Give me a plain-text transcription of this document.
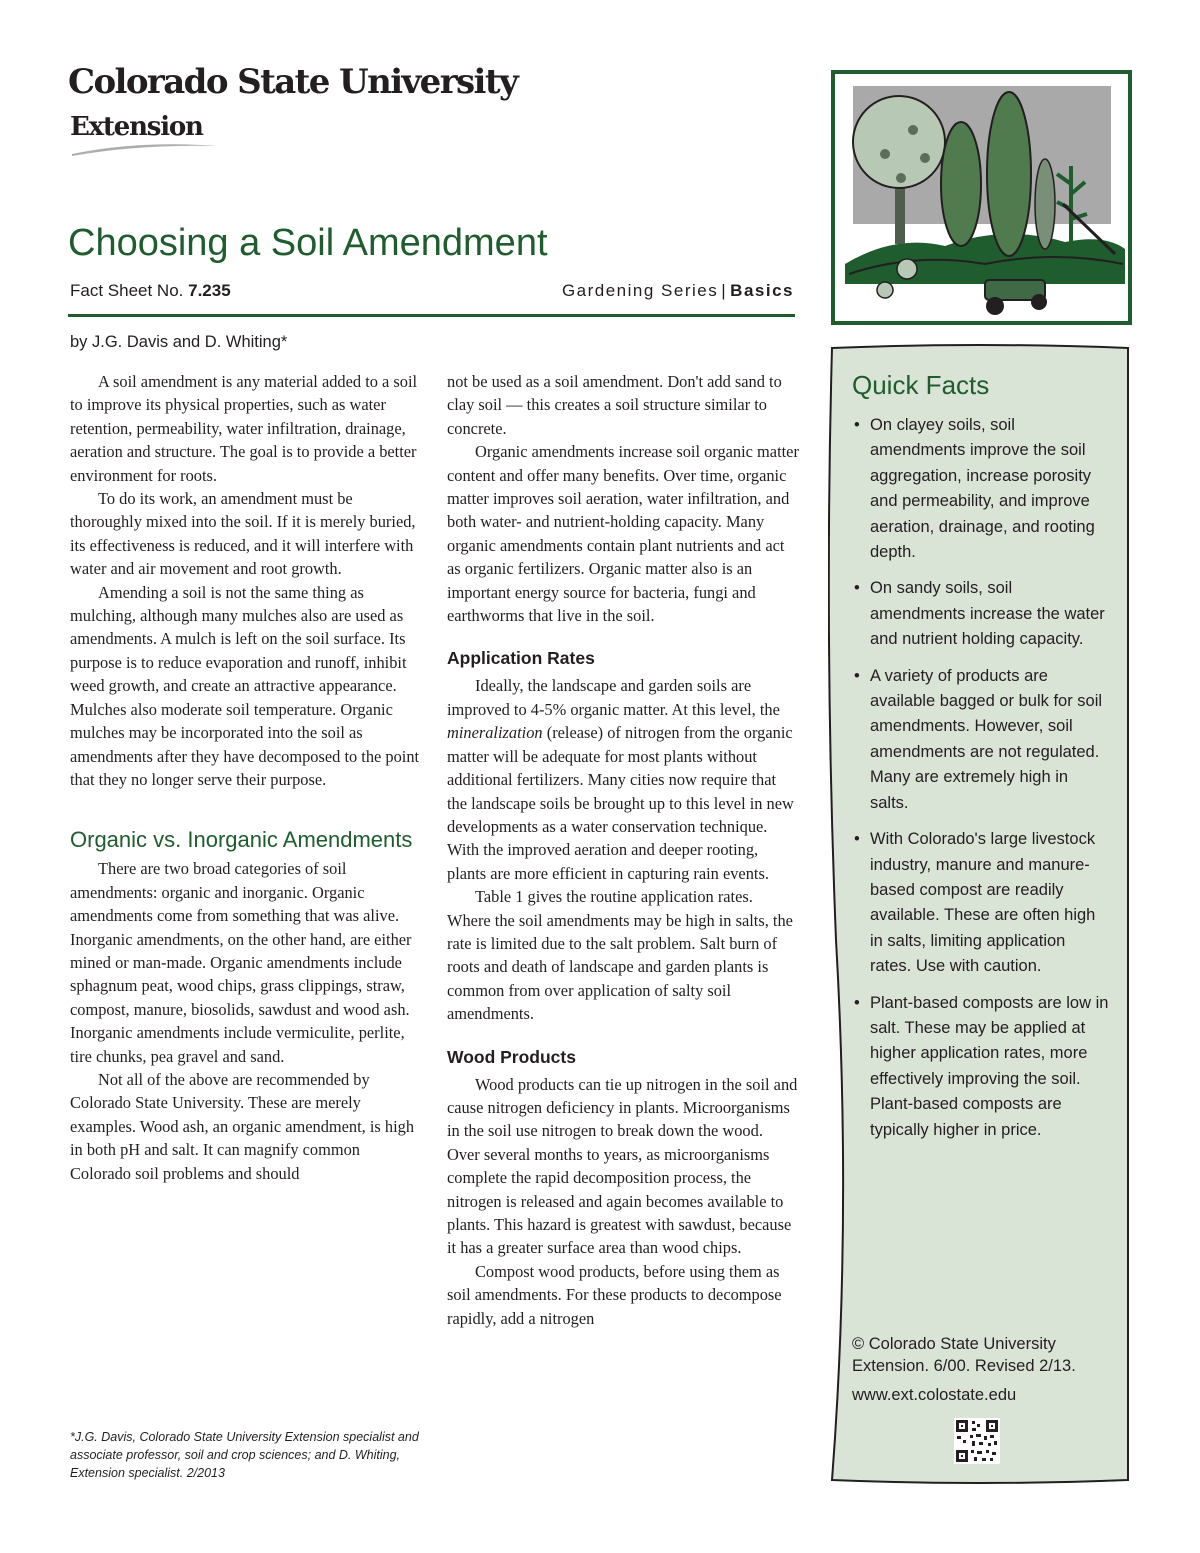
Colorado State University
Extension
Choosing a Soil Amendment
Fact Sheet No. 7.235	Gardening Series | Basics
by J.G. Davis and D. Whiting*

A soil amendment is any material added to a soil to improve its physical properties, such as water retention, permeability, water infiltration, drainage, aeration and structure. The goal is to provide a better environment for roots.

To do its work, an amendment must be thoroughly mixed into the soil. If it is merely buried, its effectiveness is reduced, and it will interfere with water and air movement and root growth.

Amending a soil is not the same thing as mulching, although many mulches also are used as amendments. A mulch is left on the soil surface. Its purpose is to reduce evaporation and runoff, inhibit weed growth, and create an attractive appearance. Mulches also moderate soil temperature. Organic mulches may be incorporated into the soil as amendments after they have decomposed to the point that they no longer serve their purpose.

Organic vs. Inorganic Amendments

There are two broad categories of soil amendments: organic and inorganic. Organic amendments come from something that was alive. Inorganic amendments, on the other hand, are either mined or man-made. Organic amendments include sphagnum peat, wood chips, grass clippings, straw, compost, manure, biosolids, sawdust and wood ash. Inorganic amendments include vermiculite, perlite, tire chunks, pea gravel and sand.

Not all of the above are recommended by Colorado State University. These are merely examples. Wood ash, an organic amendment, is high in both pH and salt. It can magnify common Colorado soil problems and should

not be used as a soil amendment. Don't add sand to clay soil — this creates a soil structure similar to concrete.

Organic amendments increase soil organic matter content and offer many benefits. Over time, organic matter improves soil aeration, water infiltration, and both water- and nutrient-holding capacity. Many organic amendments contain plant nutrients and act as organic fertilizers. Organic matter also is an important energy source for bacteria, fungi and earthworms that live in the soil.

Application Rates

Ideally, the landscape and garden soils are improved to 4-5% organic matter. At this level, the mineralization (release) of nitrogen from the organic matter will be adequate for most plants without additional fertilizers. Many cities now require that the landscape soils be brought up to this level in new developments as a water conservation technique. With the improved aeration and deeper rooting, plants are more efficient in capturing rain events.

Table 1 gives the routine application rates. Where the soil amendments may be high in salts, the rate is limited due to the salt problem. Salt burn of roots and death of landscape and garden plants is common from over application of salty soil amendments.

Wood Products

Wood products can tie up nitrogen in the soil and cause nitrogen deficiency in plants. Microorganisms in the soil use nitrogen to break down the wood. Over several months to years, as microorganisms complete the rapid decomposition process, the nitrogen is released and again becomes available to plants. This hazard is greatest with sawdust, because it has a greater surface area than wood chips.

Compost wood products, before using them as soil amendments. For these products to decompose rapidly, add a nitrogen

*J.G. Davis, Colorado State University Extension specialist and associate professor, soil and crop sciences; and D. Whiting, Extension specialist. 2/2013
Quick Facts
• On clayey soils, soil amendments improve the soil aggregation, increase porosity and permeability, and improve aeration, drainage, and rooting depth.
• On sandy soils, soil amendments increase the water and nutrient holding capacity.
• A variety of products are available bagged or bulk for soil amendments. However, soil amendments are not regulated. Many are extremely high in salts.
• With Colorado's large livestock industry, manure and manure-based compost are readily available. These are often high in salts, limiting application rates. Use with caution.
• Plant-based composts are low in salt. These may be applied at higher application rates, more effectively improving the soil. Plant-based composts are typically higher in price.
© Colorado State University Extension. 6/00. Revised 2/13.
www.ext.colostate.edu
